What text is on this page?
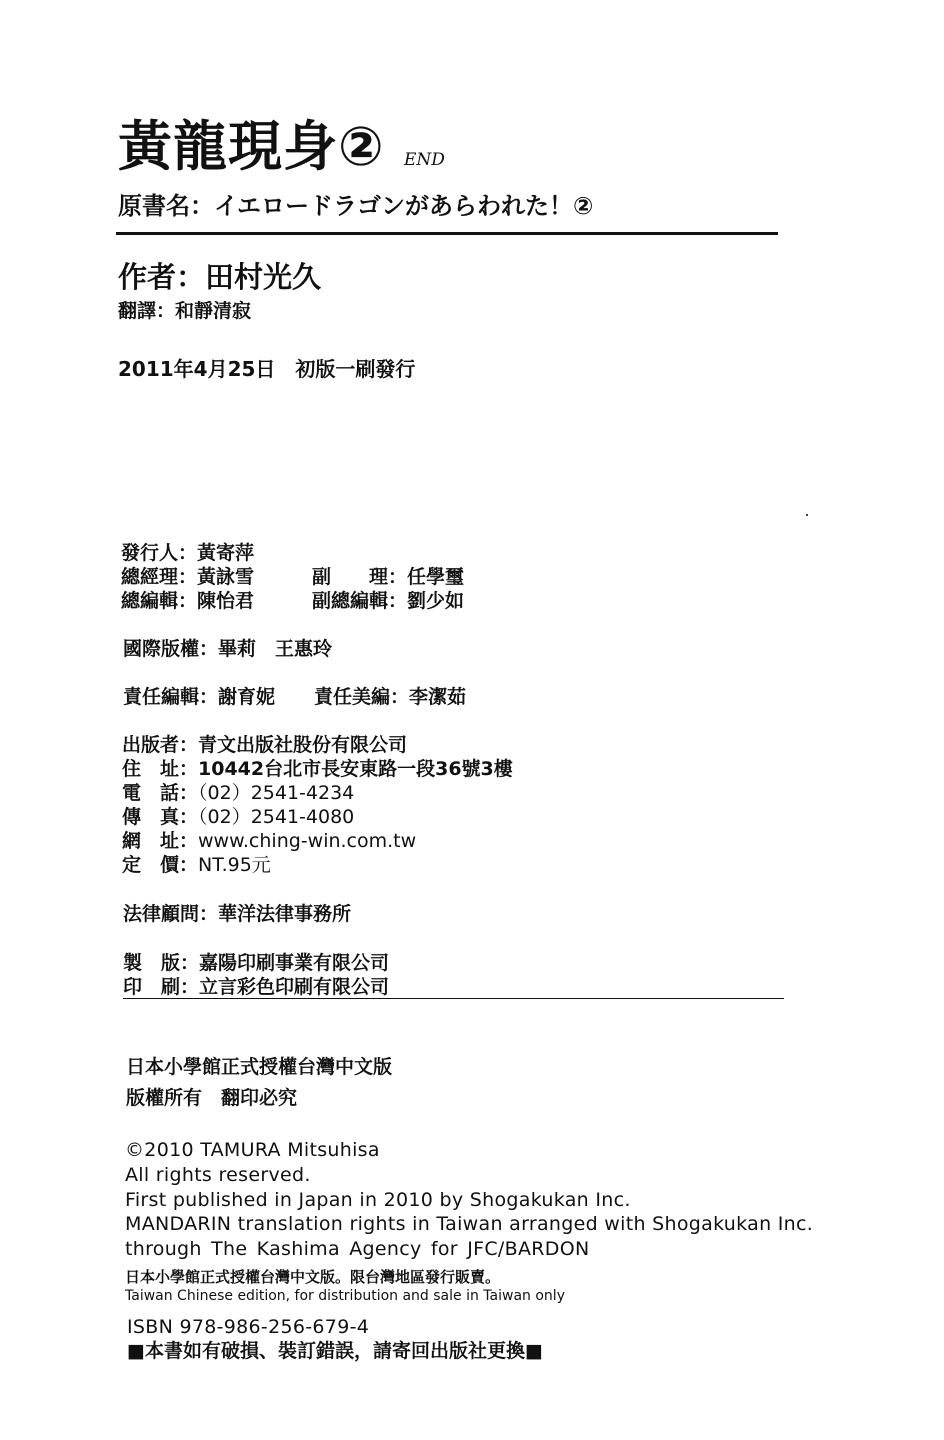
黃龍現身② END
原書名：イエロードラゴンがあらわれた！②
作者：田村光久
翻譯：和靜清寂
2011年4月25日　初版一刷發行
發行人：黃寄萍
總經理：黃詠雪	副　　理：任學璽
總編輯：陳怡君	副總編輯：劉少如
國際版權：畢莉　王惠玲
責任編輯：謝育妮 責任美編：李潔茹
出版者：青文出版社股份有限公司
住　址：10442台北市長安東路一段36號3樓
電　話：（02）2541-4234
傳　真：（02）2541-4080
網　址：www.ching-win.com.tw
定　價：NT.95元
法律顧問：華洋法律事務所
製　版：嘉陽印刷事業有限公司
印　刷：立言彩色印刷有限公司
日本小學館正式授權台灣中文版
版權所有　翻印必究
©2010 TAMURA Mitsuhisa
All rights reserved.
First published in Japan in 2010 by Shogakukan Inc.
MANDARIN translation rights in Taiwan arranged with Shogakukan Inc.
through The Kashima Agency for JFC/BARDON
日本小學館正式授權台灣中文版。限台灣地區發行販賣。
Taiwan Chinese edition, for distribution and sale in Taiwan only
ISBN 978-986-256-679-4
■本書如有破損、裝訂錯誤，請寄回出版社更換■
